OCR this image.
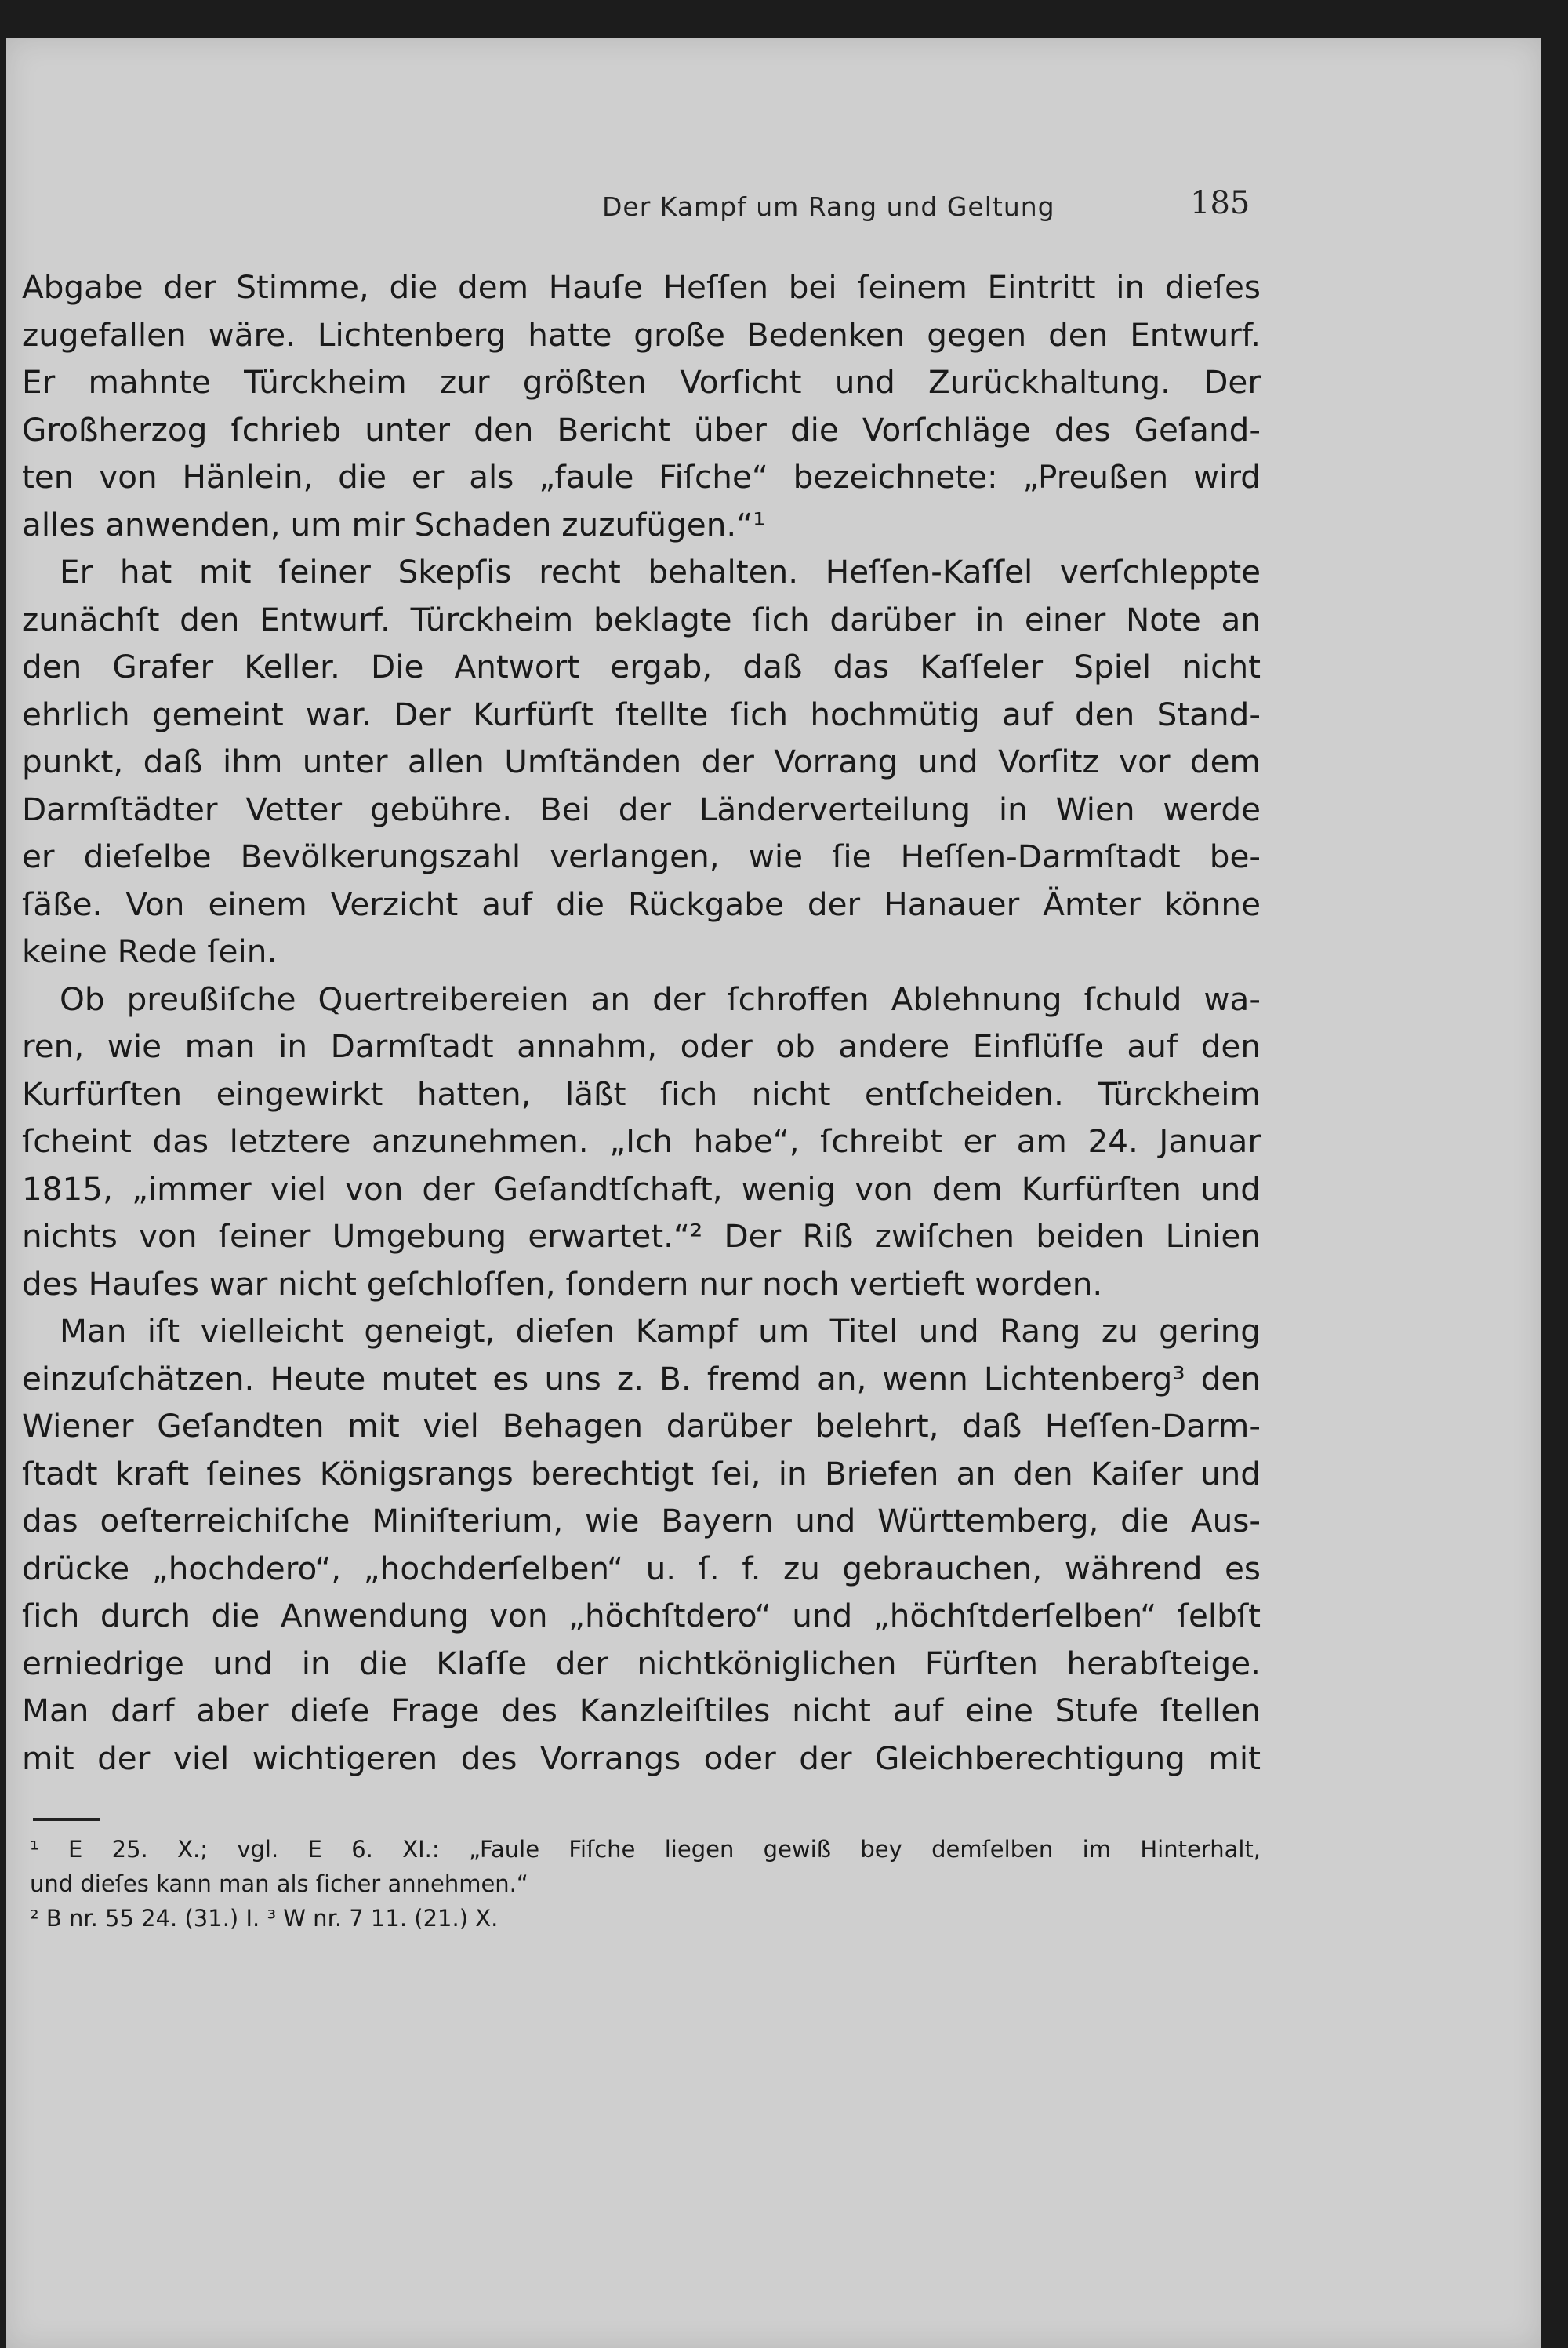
Der Kampf um Rang und Geltung	185
Abgabe der Stimme, die dem Hauſe Heſſen bei ſeinem Eintritt in dieſes
zugefallen wäre. Lichtenberg hatte große Bedenken gegen den Entwurf.
Er mahnte Türckheim zur größten Vorſicht und Zurückhaltung. Der
Großherzog ſchrieb unter den Bericht über die Vorſchläge des Geſand-
ten von Hänlein, die er als „faule Fiſche“ bezeichnete: „Preußen wird
alles anwenden, um mir Schaden zuzufügen.“¹
Er hat mit ſeiner Skepſis recht behalten. Heſſen-Kaſſel verſchleppte
zunächſt den Entwurf. Türckheim beklagte ſich darüber in einer Note an
den Grafer Keller. Die Antwort ergab, daß das Kaſſeler Spiel nicht
ehrlich gemeint war. Der Kurfürſt ſtellte ſich hochmütig auf den Stand-
punkt, daß ihm unter allen Umſtänden der Vorrang und Vorſitz vor dem
Darmſtädter Vetter gebühre. Bei der Länderverteilung in Wien werde
er dieſelbe Bevölkerungszahl verlangen, wie ſie Heſſen-Darmſtadt be-
ſäße. Von einem Verzicht auf die Rückgabe der Hanauer Ämter könne
keine Rede ſein.
Ob preußiſche Quertreibereien an der ſchroffen Ablehnung ſchuld wa-
ren, wie man in Darmſtadt annahm, oder ob andere Einflüſſe auf den
Kurfürſten eingewirkt hatten, läßt ſich nicht entſcheiden. Türckheim
ſcheint das letztere anzunehmen. „Ich habe“, ſchreibt er am 24. Januar
1815, „immer viel von der Geſandtſchaft, wenig von dem Kurfürſten und
nichts von ſeiner Umgebung erwartet.“² Der Riß zwiſchen beiden Linien
des Hauſes war nicht geſchloſſen, ſondern nur noch vertieft worden.
Man iſt vielleicht geneigt, dieſen Kampf um Titel und Rang zu gering
einzuſchätzen. Heute mutet es uns z. B. fremd an, wenn Lichtenberg³ den
Wiener Geſandten mit viel Behagen darüber belehrt, daß Heſſen-Darm-
ſtadt kraft ſeines Königsrangs berechtigt ſei, in Briefen an den Kaiſer und
das oeſterreichiſche Miniſterium, wie Bayern und Württemberg, die Aus-
drücke „hochdero“, „hochderſelben“ u. ſ. f. zu gebrauchen, während es
ſich durch die Anwendung von „höchſtdero“ und „höchſtderſelben“ ſelbſt
erniedrige und in die Klaſſe der nichtköniglichen Fürſten herabſteige.
Man darf aber dieſe Frage des Kanzleiſtiles nicht auf eine Stufe ſtellen
mit der viel wichtigeren des Vorrangs oder der Gleichberechtigung mit
¹ E 25. X.; vgl. E 6. XI.: „Faule Fiſche liegen gewiß bey demſelben im Hinterhalt,
und dieſes kann man als ſicher annehmen.“
² B nr. 55 24. (31.) I. ³ W nr. 7 11. (21.) X.
